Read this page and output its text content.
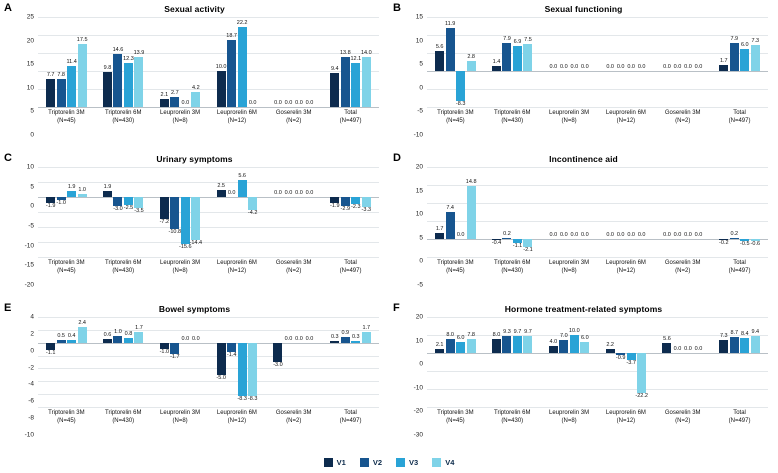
A	Sexual activity
0
5
10
15
20
25
7.7 7.8
11.4
17.5
9.8
14.6
12.3
13.9
2.1 2.7
0.0
4.2
10.0
18.7
22.2
0.0	0.0 0.0 0.0 0.0
9.4
13.8
12.1
14.0
Triptorelin 3M
(N=45)
Triptorelin 6M
(N=430)
Leuprorelin 3M
(N=8)
Leuprorelin 6M
(N=12)
Goserelin 3M
(N=2)
Total
(N=497)
B	Sexual functioning
-10
-5
0
5
10
15
5.6
11.9
-8.3
2.8
1.4
7.9
6.9 7.5
0.0 0.0 0.0 0.0	0.0 0.0 0.0 0.0	0.0 0.0 0.0 0.0
1.7
7.9
6.0
7.3
Triptorelin 3M
(N=45)
Triptorelin 6M
(N=430)
Leuprorelin 3M
(N=8)
Leuprorelin 6M
(N=12)
Goserelin 3M
(N=2)
Total
(N=497)
C	Urinary symptoms
-20
-15
-10
-5
0
5
10
-1.9 -1.0
1.9 1.0	1.9
-3.0 -2.5 -3.5
-7.2
-10.8
-15.6
-14.4
2.5
0.0
5.6
-4.2
0.0 0.0 0.0 0.0
-1.9 -2.9 -2.3 -3.3
Triptorelin 3M
(N=45)
Triptorelin 6M
(N=430)
Leuprorelin 3M
(N=8)
Leuprorelin 6M
(N=12)
Goserelin 3M
(N=2)
Total
(N=497)
D	Incontinence aid
-5
0
5
10
15
20
1.7
7.4
0.0
14.8
-0.4
0.2
-1.1
-2.1
0.0 0.0 0.0 0.0	0.0 0.0 0.0 0.0	0.0 0.0 0.0 0.0
-0.2
0.2
-0.5 -0.6
Triptorelin 3M
(N=45)
Triptorelin 6M
(N=430)
Leuprorelin 3M
(N=8)
Leuprorelin 6M
(N=12)
Goserelin 3M
(N=2)
Total
(N=497)
E	Bowel symptoms
-10
-8
-6
-4
-2
0
2
4
-1.1
0.5 0.4
2.4
0.6 1.0 0.8
1.7
-1.0
-1.7
0.0 0.0
-5.0
-1.4
-8.3 -8.3
-3.0
0.0 0.0 0.0	0.3
0.9
0.3
1.7
Triptorelin 3M
(N=45)
Triptorelin 6M
(N=430)
Leuprorelin 3M
(N=8)
Leuprorelin 6M
(N=12)
Goserelin 3M
(N=2)
Total
(N=497)
F	Hormone treatment-related symptoms
-30
-20
-10
0
10
20
2.1
8.0
6.0
7.8	8.0 9.3 9.7 9.7
4.0
7.0
10.0
6.0
2.2
-0.9
-3.7
-22.2
5.6
0.0 0.0 0.0
7.3 8.7 8.4 9.4
Triptorelin 3M
(N=45)
Triptorelin 6M
(N=430)
Leuprorelin 3M
(N=8)
Leuprorelin 6M
(N=12)
Goserelin 3M
(N=2)
Total
(N=497)
V1	V2	V3	V4
